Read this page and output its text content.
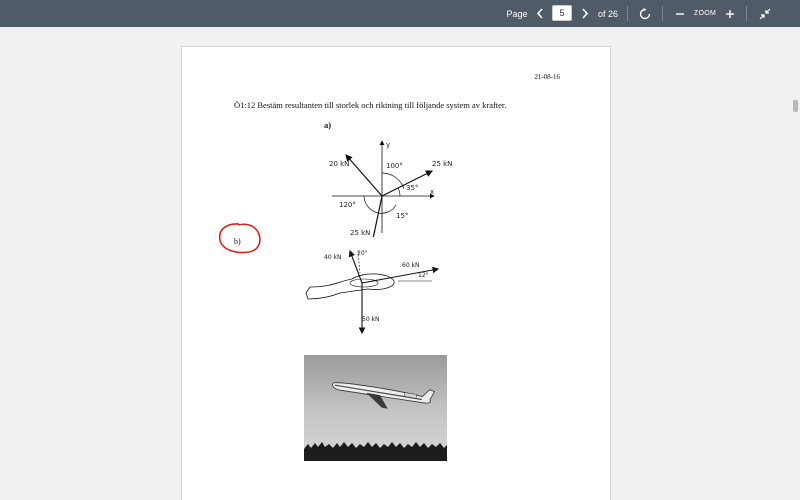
Page
5	of 26	ZOOM
21-08-16
Ö1:12 Bestäm resultanten till storlek och riktning till följande system av krafter.
a)
y
x
20 kN	25 kN
100°
35°
120°
15°
25 kN
b)
40 kN
20°
60 kN
12°
50 kN
